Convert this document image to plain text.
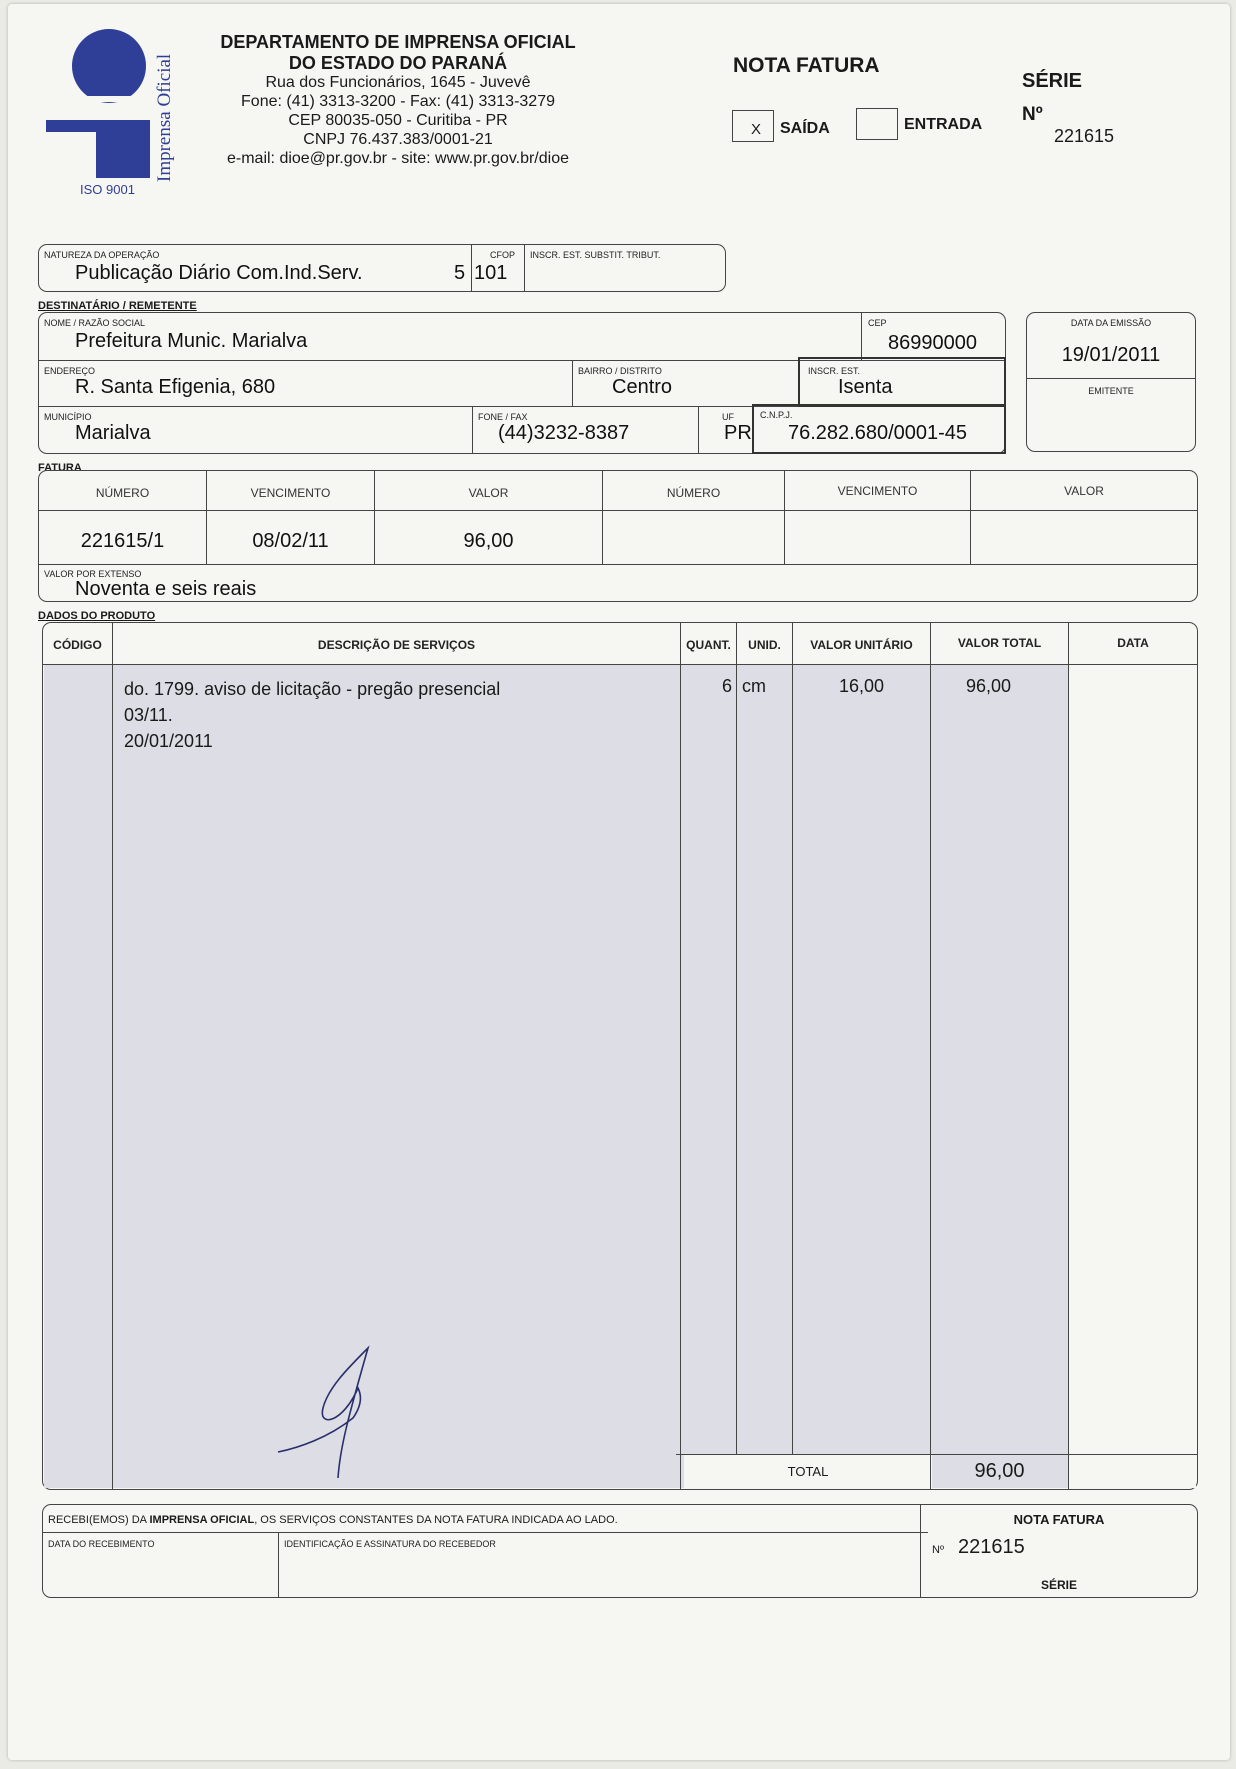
Imprensa Oficial
ISO 9001
DEPARTAMENTO DE IMPRENSA OFICIAL
DO ESTADO DO PARANÁ
Rua dos Funcionários, 1645 - Juvevê
Fone: (41) 3313-3200 - Fax: (41) 3313-3279
CEP 80035-050 - Curitiba - PR
CNPJ 76.437.383/0001-21
e-mail: dioe@pr.gov.br - site: www.pr.gov.br/dioe
NOTA FATURA
X SAÍDA	ENTRADA
SÉRIE
Nº
221615
NATUREZA DA OPERAÇÃO
Publicação Diário Com.Ind.Serv.
CFOP
5 101
INSCR. EST. SUBSTIT. TRIBUT.
DESTINATÁRIO / REMETENTE
NOME / RAZÃO SOCIAL
Prefeitura Munic. Marialva
CEP
86990000
ENDEREÇO
R. Santa Efigenia, 680
BAIRRO / DISTRITO
Centro
INSCR. EST.
Isenta
MUNICÍPIO
Marialva
FONE / FAX
(44)3232-8387
UF
PR
C.N.P.J.
76.282.680/0001-45
DATA DA EMISSÃO
19/01/2011
EMITENTE
FATURA
NÚMERO	VENCIMENTO	VALOR	NÚMERO	VENCIMENTO	VALOR
221615/1	08/02/11	96,00
VALOR POR EXTENSO
Noventa e seis reais
DADOS DO PRODUTO
CÓDIGO	DESCRIÇÃO DE SERVIÇOS	QUANT.	UNID.	VALOR UNITÁRIO	VALOR TOTAL	DATA
do. 1799. aviso de licitação - pregão presencial
03/11.
20/01/2011
6 cm	16,00	96,00
TOTAL	96,00
RECEBI(EMOS) DA IMPRENSA OFICIAL, OS SERVIÇOS CONSTANTES DA NOTA FATURA INDICADA AO LADO.
DATA DO RECEBIMENTO	IDENTIFICAÇÃO E ASSINATURA DO RECEBEDOR
NOTA FATURA
Nº 221615
SÉRIE
